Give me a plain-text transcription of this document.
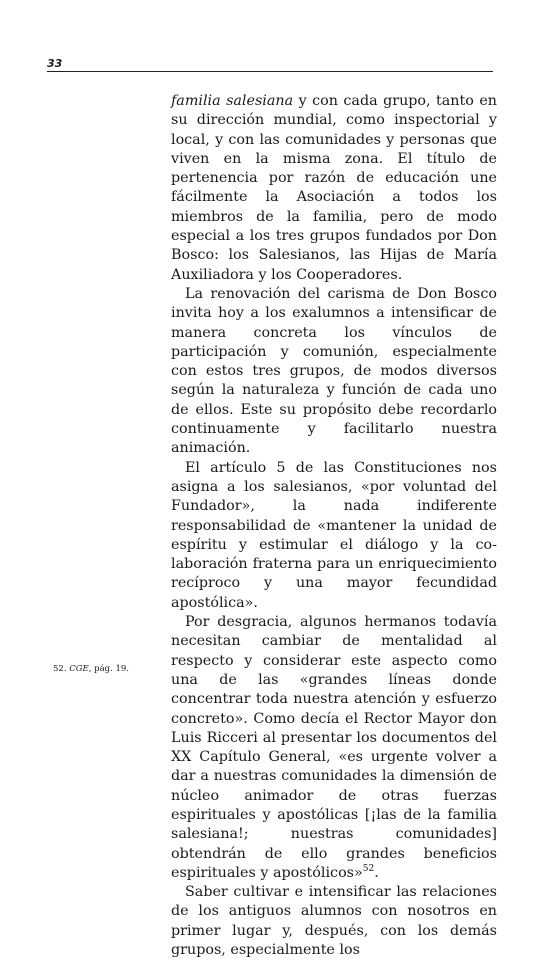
33

familia salesiana y con cada grupo, tanto en su dirección mundial, como inspectorial y local, y con las comunidades y personas que viven en la misma zona. El título de pertenencia por razón de educación une fácilmente la Asociación a todos los miembros de la familia, pero de modo especial a los tres grupos fundados por Don Bosco: los Salesianos, las Hijas de María Auxiliadora y los Cooperadores.

La renovación del carisma de Don Bosco invita hoy a los exalumnos a intensificar de manera concreta los vínculos de participación y comunión, especialmente con estos tres grupos, de modos diversos según la naturaleza y función de cada uno de ellos. Este su propósito debe recordarlo continuamente y facilitarlo nuestra animación.

El artículo 5 de las Constituciones nos asigna a los salesianos, «por voluntad del Fundador», la nada indiferente responsabilidad de «mantener la unidad de espíritu y estimular el diálogo y la colaboración fraterna para un enriquecimiento recíproco y una mayor fecundidad apostólica».

Por desgracia, algunos hermanos todavía necesitan cambiar de mentalidad al respecto y considerar este aspecto como una de las «grandes líneas donde concentrar toda nuestra atención y esfuerzo concreto». Como decía el Rector Mayor don Luis Ricceri al presentar los documentos del XX Capítulo General, «es urgente volver a dar a nuestras comunidades la dimensión de núcleo animador de otras fuerzas espirituales y apostólicas [¡las de la familia salesiana!; nuestras comunidades] obtendrán de ello grandes beneficios espirituales y apostólicos»$^{52}$.

Saber cultivar e intensificar las relaciones de los antiguos alumnos con nosotros en primer lugar y, después, con los demás grupos, especialmente los

52. CGE, pág. 19.
